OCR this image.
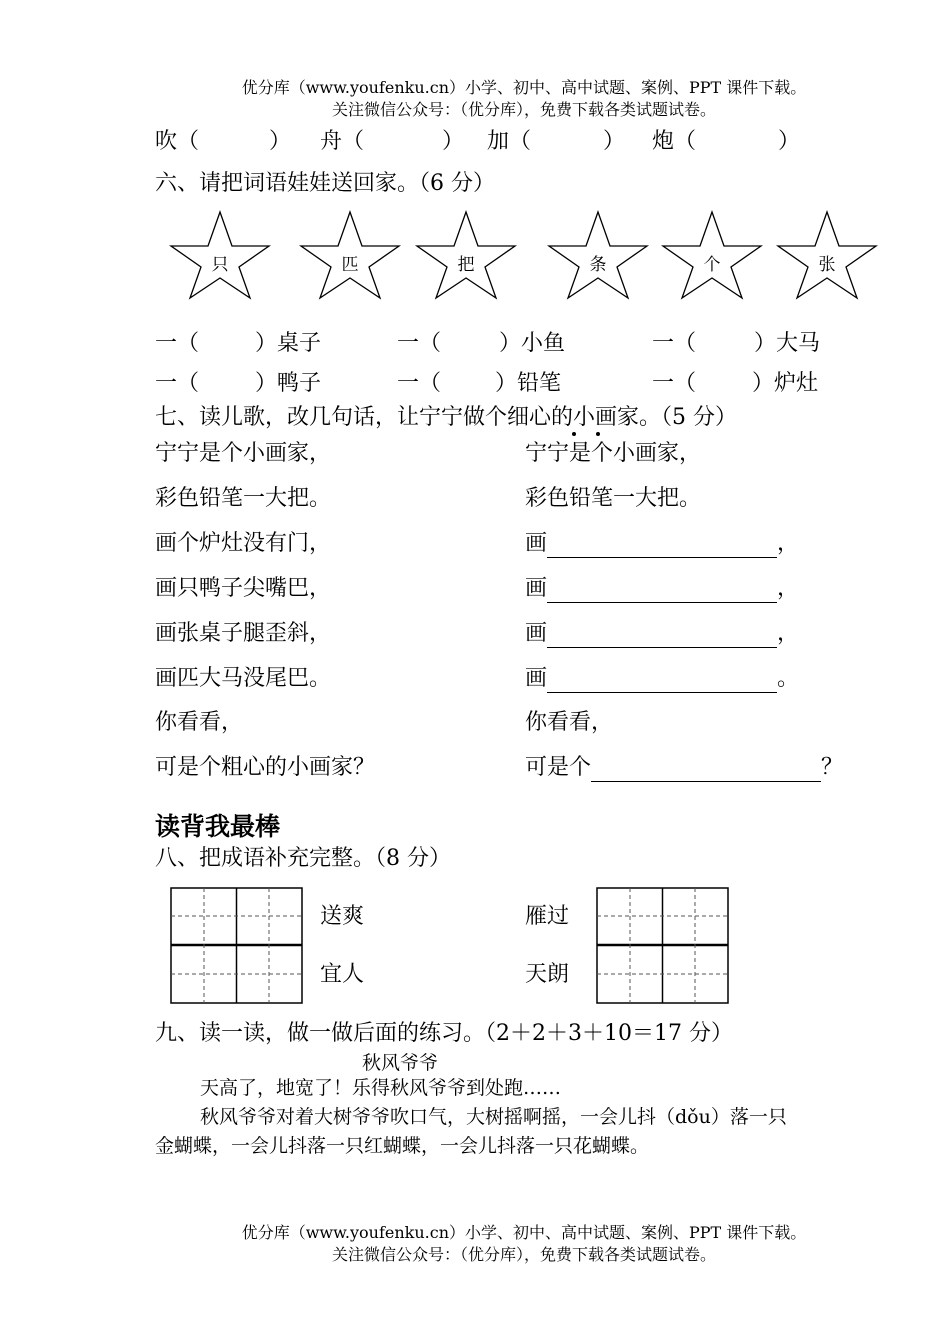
优分库（www.youfenku.cn）小学、初中、高中试题、案例、PPT 课件下载。
关注微信公众号：（优分库），免费下载各类试题试卷。
吹（	） 舟（	） 加（	） 炮（	）
六、请把词语娃娃送回家。（6 分）
只	匹	把	条	个	张
一（	）桌子	一（	）小鱼	一（	）大马
一（	）鸭子	一（ ）铅笔	一（	）炉灶
七、读儿歌，改几句话，让宁宁做个细心的小画家。（5 分）
宁宁是个小画家，
彩色铅笔一大把。
画个炉灶没有门，
画只鸭子尖嘴巴，
画张桌子腿歪斜，
画匹大马没尾巴。
你看看，
可是个粗心的小画家？
宁宁是个小画家，
彩色铅笔一大把。
画	，
画	，
画	，
画	。
你看看，
可是个	？
读背我最棒
八、把成语补充完整。（8 分）
送爽
宜人
雁过
天朗
九、读一读，做一做后面的练习。（2＋2＋3＋10＝17 分）
秋风爷爷
天高了，地宽了！乐得秋风爷爷到处跑……
秋风爷爷对着大树爷爷吹口气，大树摇啊摇，一会儿抖（dǒu）落一只
金蝴蝶，一会儿抖落一只红蝴蝶，一会儿抖落一只花蝴蝶。
优分库（www.youfenku.cn）小学、初中、高中试题、案例、PPT 课件下载。
关注微信公众号：（优分库），免费下载各类试题试卷。
